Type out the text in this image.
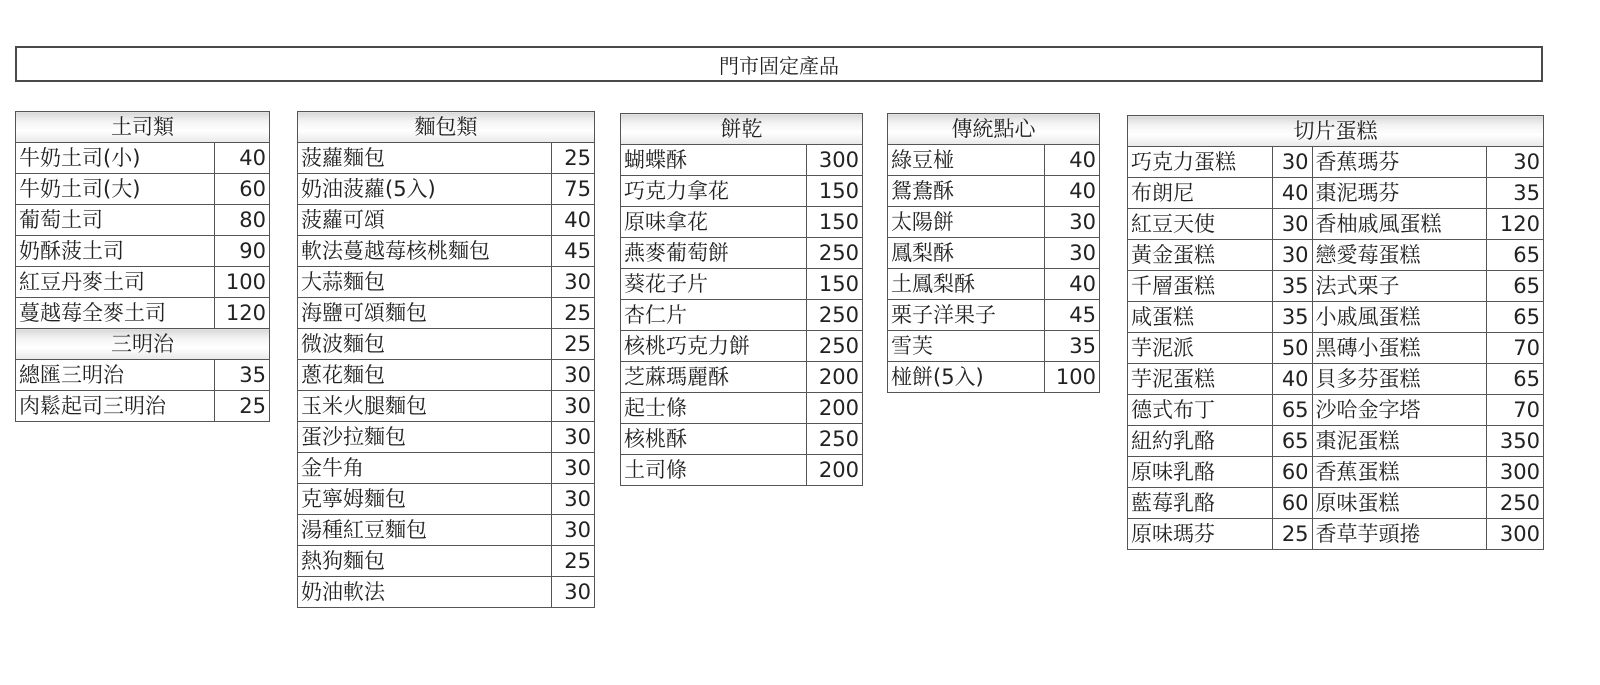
門市固定產品
土司類	
牛奶土司(小)	40
牛奶土司(大)	60
葡萄土司	80
奶酥菠土司	90
紅豆丹麥土司	100
蔓越莓全麥土司	120
三明治	
總匯三明治	35
肉鬆起司三明治	25
麵包類	
菠蘿麵包	25
奶油菠蘿(5入)	75
菠蘿可頌	40
軟法蔓越莓核桃麵包	45
大蒜麵包	30
海鹽可頌麵包	25
微波麵包	25
蔥花麵包	30
玉米火腿麵包	30
蛋沙拉麵包	30
金牛角	30
克寧姆麵包	30
湯種紅豆麵包	30
熱狗麵包	25
奶油軟法	30
餅乾	
蝴蝶酥	300
巧克力拿花	150
原味拿花	150
燕麥葡萄餅	250
葵花子片	150
杏仁片	250
核桃巧克力餅	250
芝蔴瑪麗酥	200
起士條	200
核桃酥	250
土司條	200
傳統點心	
綠豆椪	40
鴛鴦酥	40
太陽餅	30
鳳梨酥	30
土鳳梨酥	40
栗子洋果子	45
雪芙	35
椪餅(5入)	100
切片蛋糕			
巧克力蛋糕	30	香蕉瑪芬	30
布朗尼	40	棗泥瑪芬	35
紅豆天使	30	香柚戚風蛋糕	120
黃金蛋糕	30	戀愛莓蛋糕	65
千層蛋糕	35	法式栗子	65
咸蛋糕	35	小戚風蛋糕	65
芋泥派	50	黑磚小蛋糕	70
芋泥蛋糕	40	貝多芬蛋糕	65
德式布丁	65	沙哈金字塔	70
紐約乳酪	65	棗泥蛋糕	350
原味乳酪	60	香蕉蛋糕	300
藍莓乳酪	60	原味蛋糕	250
原味瑪芬	25	香草芋頭捲	300
